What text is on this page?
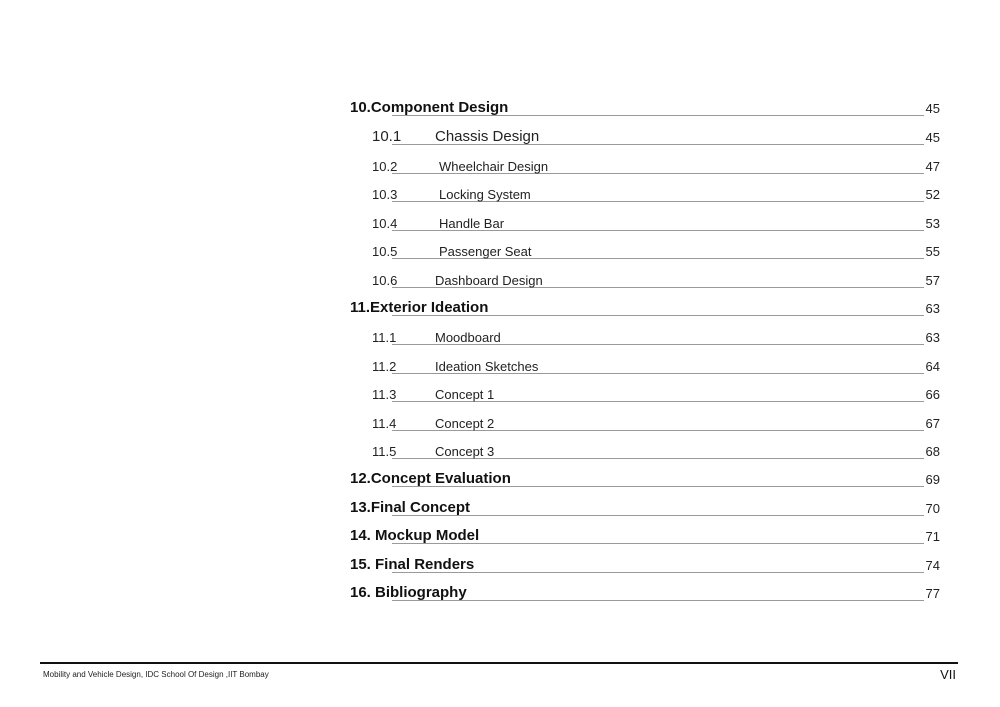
10.Component Design	45
10.1 Chassis Design	45
10.2	Wheelchair Design	47
10.3	Locking System	52
10.4	Handle Bar	53
10.5	Passenger Seat	55
10.6	Dashboard Design	57
11.Exterior Ideation	63
11.1	Moodboard	63
11.2	Ideation Sketches	64
11.3	Concept 1	66
11.4	Concept 2	67
11.5	Concept 3	68
12.Concept Evaluation	69
13.Final Concept	70
14. Mockup Model	71
15. Final Renders	74
16. Bibliography	77
Mobility and Vehicle Design, IDC School Of Design ,IIT Bombay	VII
